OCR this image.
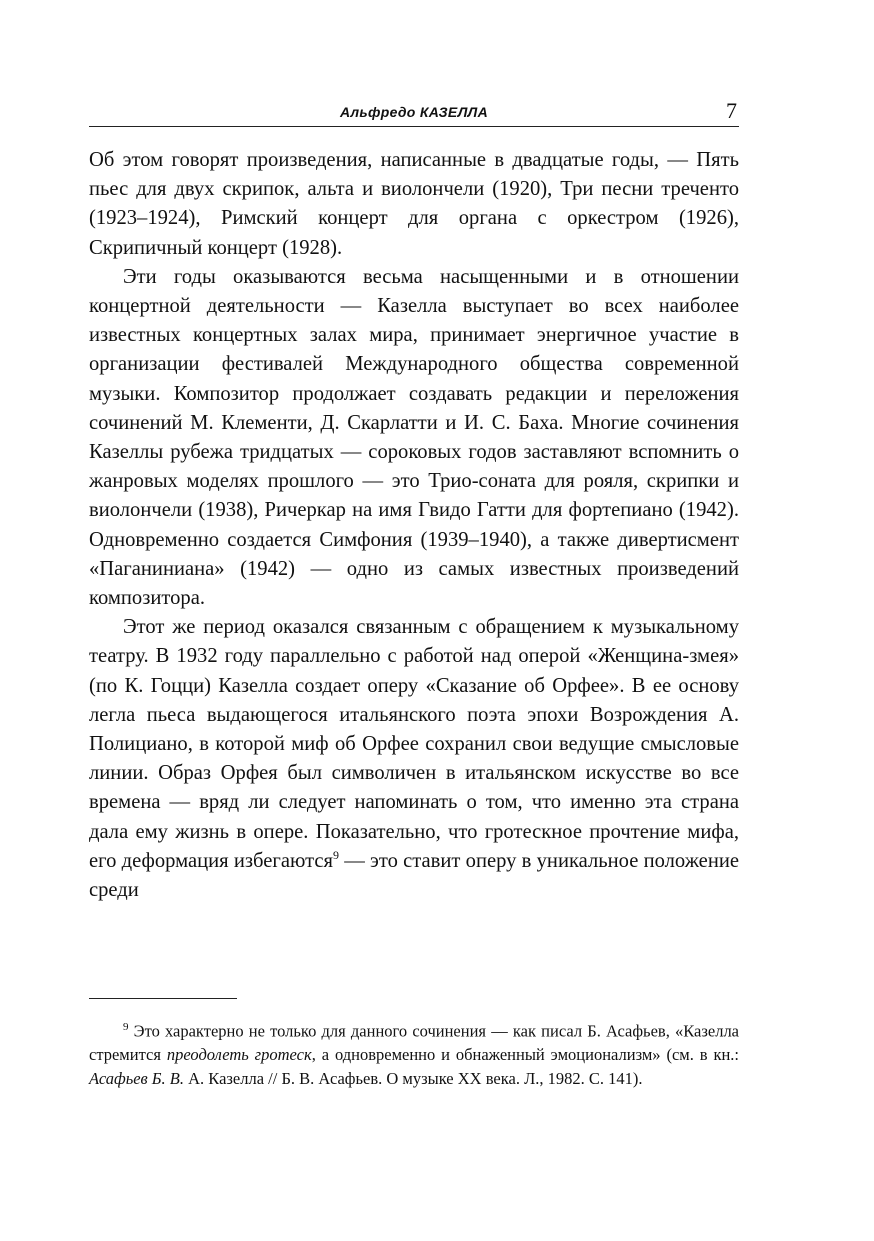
Альфредо КАЗЕЛЛА	7

Об этом говорят произведения, написанные в двадцатые годы, — Пять пьес для двух скрипок, альта и виолончели (1920), Три песни треченто (1923–1924), Римский концерт для органа с оркестром (1926), Скрипичный концерт (1928).

Эти годы оказываются весьма насыщенными и в отношении концертной деятельности — Казелла выступает во всех наиболее известных концертных залах мира, принимает энергичное участие в организации фестивалей Международного общества современной музыки. Композитор продолжает создавать редакции и переложения сочинений М. Клементи, Д. Скарлатти и И. С. Баха. Многие сочинения Казеллы рубежа тридцатых — сороковых годов заставляют вспомнить о жанровых моделях прошлого — это Трио-соната для рояля, скрипки и виолончели (1938), Ричеркар на имя Гвидо Гатти для фортепиано (1942). Одновременно создается Симфония (1939–1940), а также дивертисмент «Паганиниана» (1942) — одно из самых известных произведений композитора.

Этот же период оказался связанным с обращением к музыкальному театру. В 1932 году параллельно с работой над оперой «Женщина-змея» (по К. Гоцци) Казелла создает оперу «Сказание об Орфее». В ее основу легла пьеса выдающегося итальянского поэта эпохи Возрождения А. Полициано, в которой миф об Орфее сохранил свои ведущие смысловые линии. Образ Орфея был символичен в итальянском искусстве во все времена — вряд ли следует напоминать о том, что именно эта страна дала ему жизнь в опере. Показательно, что гротескное прочтение мифа, его деформация избегаются$^9$ — это ставит оперу в уникальное положение среди

$^9$ Это характерно не только для данного сочинения — как писал Б. Асафьев, «Казелла стремится преодолеть гротеск, а одновременно и обнаженный эмоционализм» (см. в кн.: Асафьев Б. В. А. Казелла // Б. В. Асафьев. О музыке XX века. Л., 1982. С. 141).
